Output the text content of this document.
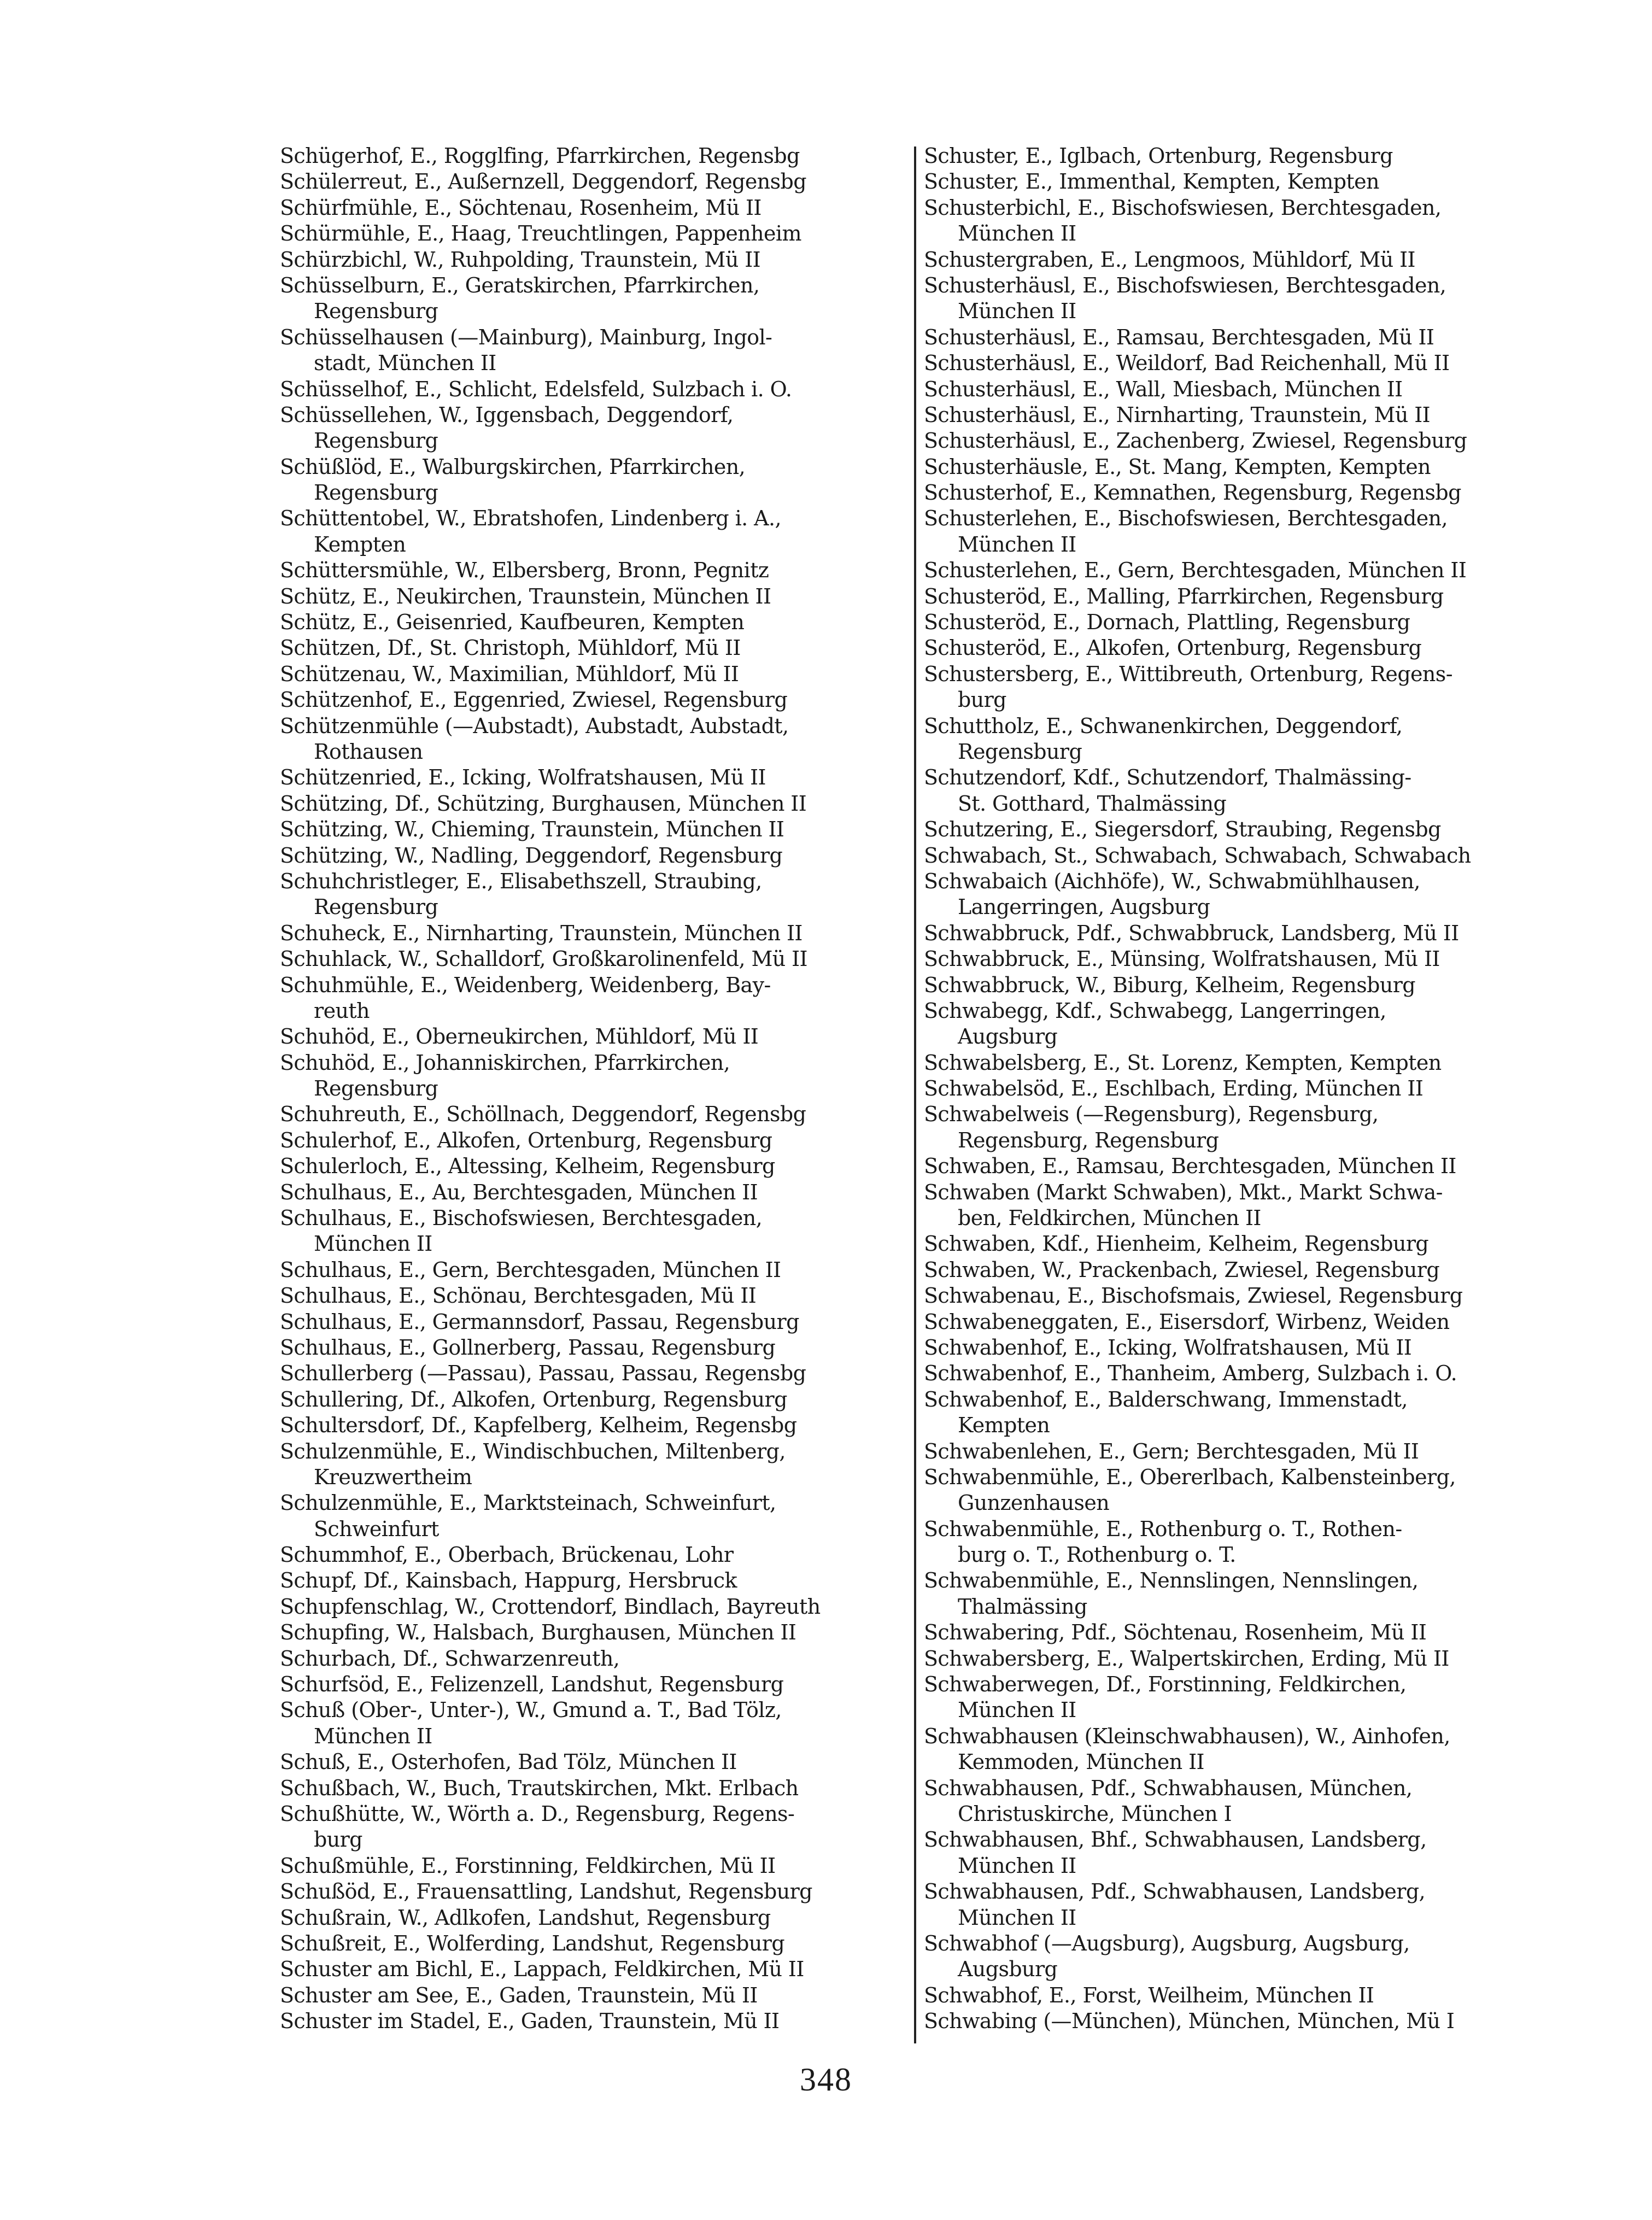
Schügerhof, E., Rogglfing, Pfarrkirchen, Regensbg
Schülerreut, E., Außernzell, Deggendorf, Regensbg
Schürfmühle, E., Söchtenau, Rosenheim, Mü II
Schürmühle, E., Haag, Treuchtlingen, Pappenheim
Schürzbichl, W., Ruhpolding, Traunstein, Mü II
Schüsselburn, E., Geratskirchen, Pfarrkirchen,
Regensburg
Schüsselhausen (—Mainburg), Mainburg, Ingol-
stadt, München II
Schüsselhof, E., Schlicht, Edelsfeld, Sulzbach i. O.
Schüssellehen, W., Iggensbach, Deggendorf,
Regensburg
Schüßlöd, E., Walburgskirchen, Pfarrkirchen,
Regensburg
Schüttentobel, W., Ebratshofen, Lindenberg i. A.,
Kempten
Schüttersmühle, W., Elbersberg, Bronn, Pegnitz
Schütz, E., Neukirchen, Traunstein, München II
Schütz, E., Geisenried, Kaufbeuren, Kempten
Schützen, Df., St. Christoph, Mühldorf, Mü II
Schützenau, W., Maximilian, Mühldorf, Mü II
Schützenhof, E., Eggenried, Zwiesel, Regensburg
Schützenmühle (—Aubstadt), Aubstadt, Aubstadt,
Rothausen
Schützenried, E., Icking, Wolfratshausen, Mü II
Schützing, Df., Schützing, Burghausen, München II
Schützing, W., Chieming, Traunstein, München II
Schützing, W., Nadling, Deggendorf, Regensburg
Schuhchristleger, E., Elisabethszell, Straubing,
Regensburg
Schuheck, E., Nirnharting, Traunstein, München II
Schuhlack, W., Schalldorf, Großkarolinenfeld, Mü II
Schuhmühle, E., Weidenberg, Weidenberg, Bay-
reuth
Schuhöd, E., Oberneukirchen, Mühldorf, Mü II
Schuhöd, E., Johanniskirchen, Pfarrkirchen,
Regensburg
Schuhreuth, E., Schöllnach, Deggendorf, Regensbg
Schulerhof, E., Alkofen, Ortenburg, Regensburg
Schulerloch, E., Altessing, Kelheim, Regensburg
Schulhaus, E., Au, Berchtesgaden, München II
Schulhaus, E., Bischofswiesen, Berchtesgaden,
München II
Schulhaus, E., Gern, Berchtesgaden, München II
Schulhaus, E., Schönau, Berchtesgaden, Mü II
Schulhaus, E., Germannsdorf, Passau, Regensburg
Schulhaus, E., Gollnerberg, Passau, Regensburg
Schullerberg (—Passau), Passau, Passau, Regensbg
Schullering, Df., Alkofen, Ortenburg, Regensburg
Schultersdorf, Df., Kapfelberg, Kelheim, Regensbg
Schulzenmühle, E., Windischbuchen, Miltenberg,
Kreuzwertheim
Schulzenmühle, E., Marktsteinach, Schweinfurt,
Schweinfurt
Schummhof, E., Oberbach, Brückenau, Lohr
Schupf, Df., Kainsbach, Happurg, Hersbruck
Schupfenschlag, W., Crottendorf, Bindlach, Bayreuth
Schupfing, W., Halsbach, Burghausen, München II
Schurbach, Df., Schwarzenreuth,
Schurfsöd, E., Felizenzell, Landshut, Regensburg
Schuß (Ober-, Unter-), W., Gmund a. T., Bad Tölz,
München II
Schuß, E., Osterhofen, Bad Tölz, München II
Schußbach, W., Buch, Trautskirchen, Mkt. Erlbach
Schußhütte, W., Wörth a. D., Regensburg, Regens-
burg
Schußmühle, E., Forstinning, Feldkirchen, Mü II
Schußöd, E., Frauensattling, Landshut, Regensburg
Schußrain, W., Adlkofen, Landshut, Regensburg
Schußreit, E., Wolferding, Landshut, Regensburg
Schuster am Bichl, E., Lappach, Feldkirchen, Mü II
Schuster am See, E., Gaden, Traunstein, Mü II
Schuster im Stadel, E., Gaden, Traunstein, Mü II
Schuster, E., Iglbach, Ortenburg, Regensburg
Schuster, E., Immenthal, Kempten, Kempten
Schusterbichl, E., Bischofswiesen, Berchtesgaden,
München II
Schustergraben, E., Lengmoos, Mühldorf, Mü II
Schusterhäusl, E., Bischofswiesen, Berchtesgaden,
München II
Schusterhäusl, E., Ramsau, Berchtesgaden, Mü II
Schusterhäusl, E., Weildorf, Bad Reichenhall, Mü II
Schusterhäusl, E., Wall, Miesbach, München II
Schusterhäusl, E., Nirnharting, Traunstein, Mü II
Schusterhäusl, E., Zachenberg, Zwiesel, Regensburg
Schusterhäusle, E., St. Mang, Kempten, Kempten
Schusterhof, E., Kemnathen, Regensburg, Regensbg
Schusterlehen, E., Bischofswiesen, Berchtesgaden,
München II
Schusterlehen, E., Gern, Berchtesgaden, München II
Schusteröd, E., Malling, Pfarrkirchen, Regensburg
Schusteröd, E., Dornach, Plattling, Regensburg
Schusteröd, E., Alkofen, Ortenburg, Regensburg
Schustersberg, E., Wittibreuth, Ortenburg, Regens-
burg
Schuttholz, E., Schwanenkirchen, Deggendorf,
Regensburg
Schutzendorf, Kdf., Schutzendorf, Thalmässing-
St. Gotthard, Thalmässing
Schutzering, E., Siegersdorf, Straubing, Regensbg
Schwabach, St., Schwabach, Schwabach, Schwabach
Schwabaich (Aichhöfe), W., Schwabmühlhausen,
Langerringen, Augsburg
Schwabbruck, Pdf., Schwabbruck, Landsberg, Mü II
Schwabbruck, E., Münsing, Wolfratshausen, Mü II
Schwabbruck, W., Biburg, Kelheim, Regensburg
Schwabegg, Kdf., Schwabegg, Langerringen,
Augsburg
Schwabelsberg, E., St. Lorenz, Kempten, Kempten
Schwabelsöd, E., Eschlbach, Erding, München II
Schwabelweis (—Regensburg), Regensburg,
Regensburg, Regensburg
Schwaben, E., Ramsau, Berchtesgaden, München II
Schwaben (Markt Schwaben), Mkt., Markt Schwa-
ben, Feldkirchen, München II
Schwaben, Kdf., Hienheim, Kelheim, Regensburg
Schwaben, W., Prackenbach, Zwiesel, Regensburg
Schwabenau, E., Bischofsmais, Zwiesel, Regensburg
Schwabeneggaten, E., Eisersdorf, Wirbenz, Weiden
Schwabenhof, E., Icking, Wolfratshausen, Mü II
Schwabenhof, E., Thanheim, Amberg, Sulzbach i. O.
Schwabenhof, E., Balderschwang, Immenstadt,
Kempten
Schwabenlehen, E., Gern; Berchtesgaden, Mü II
Schwabenmühle, E., Obererlbach, Kalbensteinberg,
Gunzenhausen
Schwabenmühle, E., Rothenburg o. T., Rothen-
burg o. T., Rothenburg o. T.
Schwabenmühle, E., Nennslingen, Nennslingen,
Thalmässing
Schwabering, Pdf., Söchtenau, Rosenheim, Mü II
Schwabersberg, E., Walpertskirchen, Erding, Mü II
Schwaberwegen, Df., Forstinning, Feldkirchen,
München II
Schwabhausen (Kleinschwabhausen), W., Ainhofen,
Kemmoden, München II
Schwabhausen, Pdf., Schwabhausen, München,
Christuskirche, München I
Schwabhausen, Bhf., Schwabhausen, Landsberg,
München II
Schwabhausen, Pdf., Schwabhausen, Landsberg,
München II
Schwabhof (—Augsburg), Augsburg, Augsburg,
Augsburg
Schwabhof, E., Forst, Weilheim, München II
Schwabing (—München), München, München, Mü I
348
